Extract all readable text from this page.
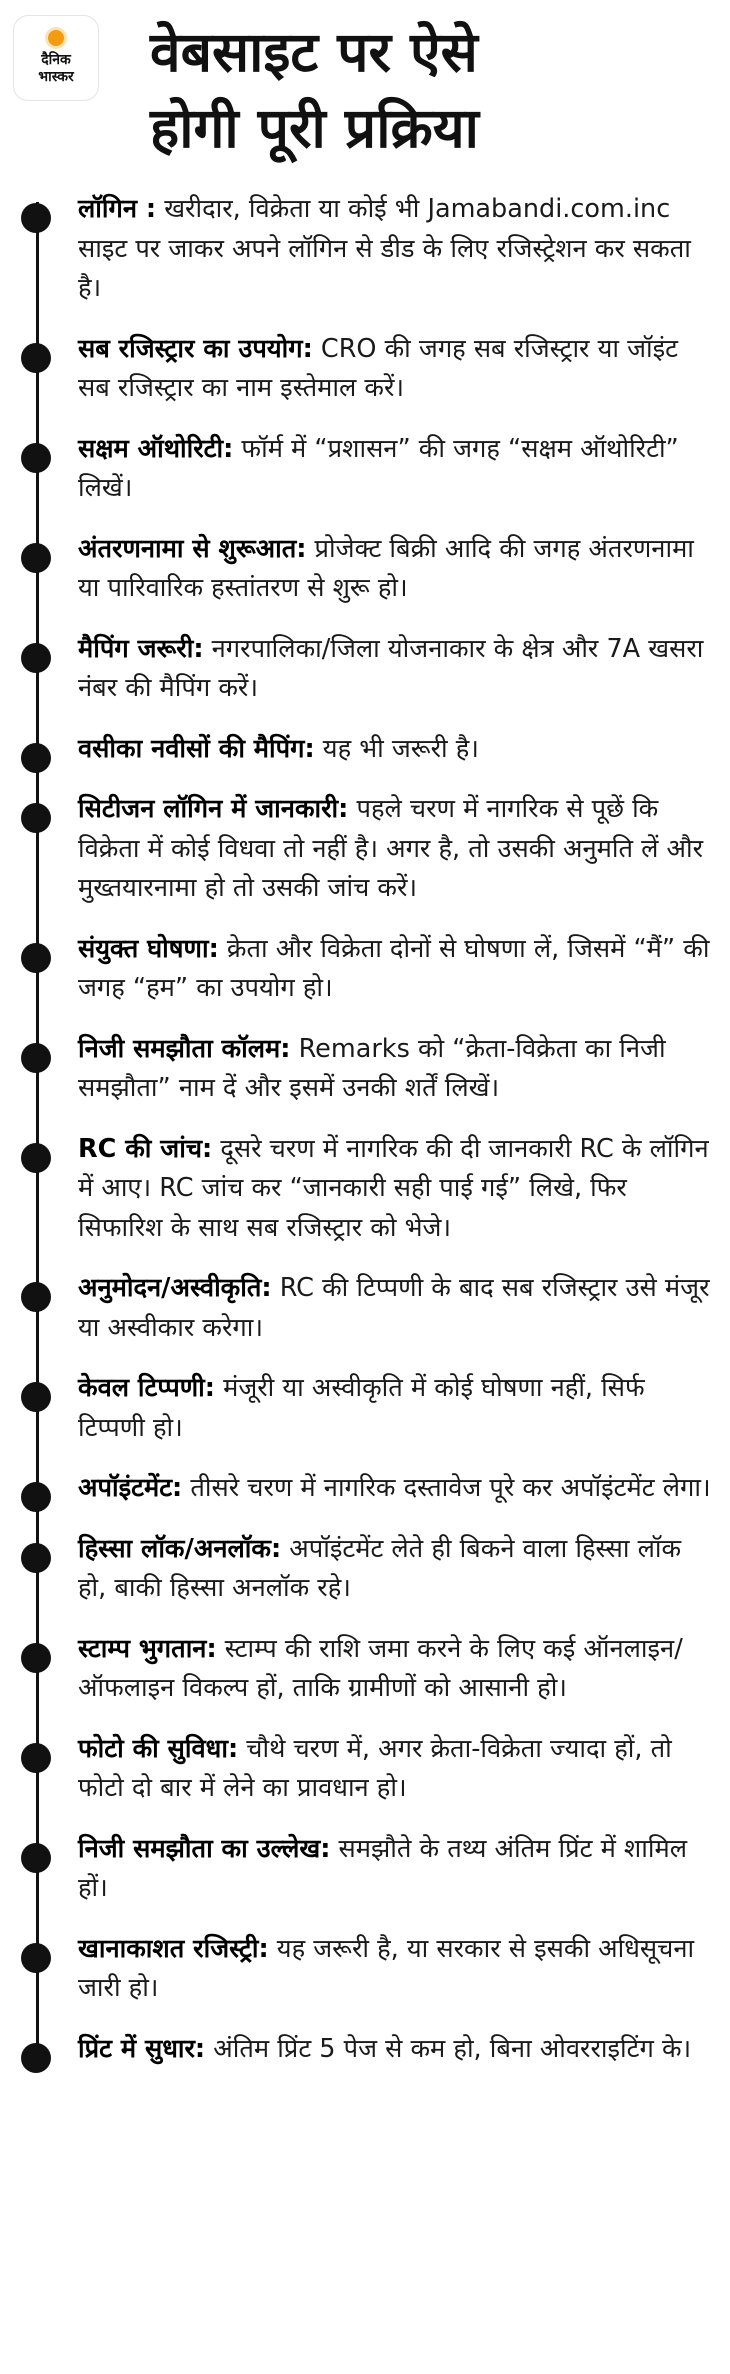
दैनिक
भास्कर वेबसाइट पर ऐसे
होगी पूरी प्रक्रिया

लॉगिन : खरीदार, विक्रेता या कोई भी Jamabandi.com.inc साइट पर जाकर अपने लॉगिन से डीड के लिए रजिस्ट्रेशन कर सकता है।

सब रजिस्ट्रार का उपयोग: CRO की जगह सब रजिस्ट्रार या जॉइंट सब रजिस्ट्रार का नाम इस्तेमाल करें।

सक्षम ऑथोरिटी: फॉर्म में “प्रशासन” की जगह “सक्षम ऑथोरिटी” लिखें।

अंतरणनामा से शुरूआत: प्रोजेक्ट बिक्री आदि की जगह अंतरणनामा या पारिवारिक हस्तांतरण से शुरू हो।

मैपिंग जरूरी: नगरपालिका/जिला योजनाकार के क्षेत्र और 7A खसरा नंबर की मैपिंग करें।

वसीका नवीसों की मैपिंग: यह भी जरूरी है।

सिटीजन लॉगिन में जानकारी: पहले चरण में नागरिक से पूछें कि विक्रेता में कोई विधवा तो नहीं है। अगर है, तो उसकी अनुमति लें और मुख्तयारनामा हो तो उसकी जांच करें।

संयुक्त घोषणा: क्रेता और विक्रेता दोनों से घोषणा लें, जिसमें “मैं” की जगह “हम” का उपयोग हो।

निजी समझौता कॉलम: Remarks को “क्रेता-विक्रेता का निजी समझौता” नाम दें और इसमें उनकी शर्तें लिखें।

RC की जांच: दूसरे चरण में नागरिक की दी जानकारी RC के लॉगिन में आए। RC जांच कर “जानकारी सही पाई गई” लिखे, फिर सिफारिश के साथ सब रजिस्ट्रार को भेजे।

अनुमोदन/अस्वीकृति: RC की टिप्पणी के बाद सब रजिस्ट्रार उसे मंजूर या अस्वीकार करेगा।

केवल टिप्पणी: मंजूरी या अस्वीकृति में कोई घोषणा नहीं, सिर्फ टिप्पणी हो।

अपॉइंटमेंट: तीसरे चरण में नागरिक दस्तावेज पूरे कर अपॉइंटमेंट लेगा।

हिस्सा लॉक/अनलॉक: अपॉइंटमेंट लेते ही बिकने वाला हिस्सा लॉक हो, बाकी हिस्सा अनलॉक रहे।

स्टाम्प भुगतान: स्टाम्प की राशि जमा करने के लिए कई ऑनलाइन/ऑफलाइन विकल्प हों, ताकि ग्रामीणों को आसानी हो।

फोटो की सुविधा: चौथे चरण में, अगर क्रेता-विक्रेता ज्यादा हों, तो फोटो दो बार में लेने का प्रावधान हो।

निजी समझौता का उल्लेख: समझौते के तथ्य अंतिम प्रिंट में शामिल हों।

खानाकाशत रजिस्ट्री: यह जरूरी है, या सरकार से इसकी अधिसूचना जारी हो।

प्रिंट में सुधार: अंतिम प्रिंट 5 पेज से कम हो, बिना ओवरराइटिंग के।
